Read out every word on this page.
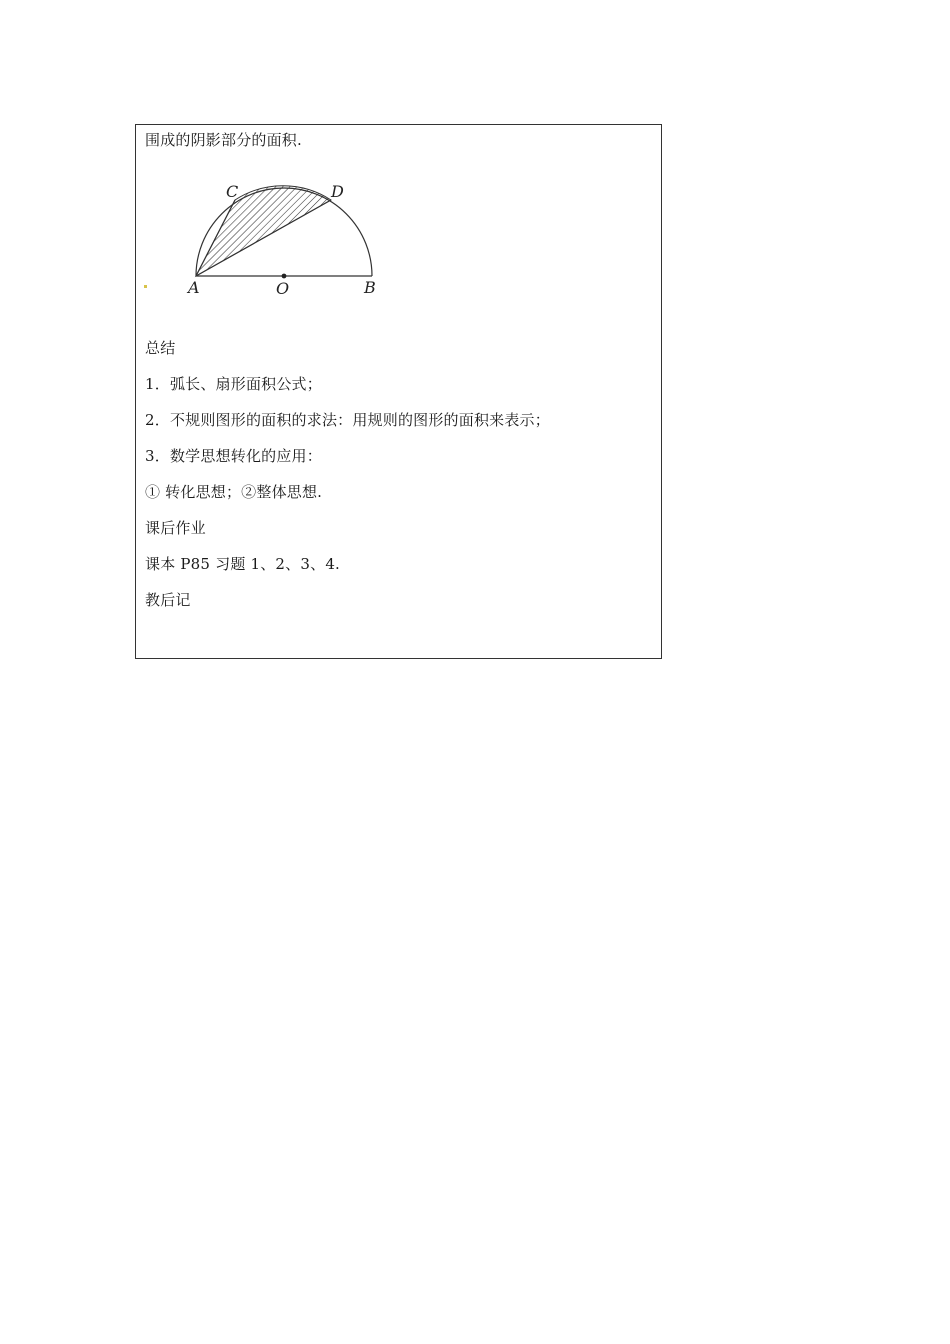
围成的阴影部分的面积.
C	D
A	O	B
总结
1．弧长、扇形面积公式；
2．不规则图形的面积的求法：用规则的图形的面积来表示；
3．数学思想转化的应用：
① 转化思想；②整体思想.
课后作业
课本 P85 习题 1、2、3、4.
教后记
